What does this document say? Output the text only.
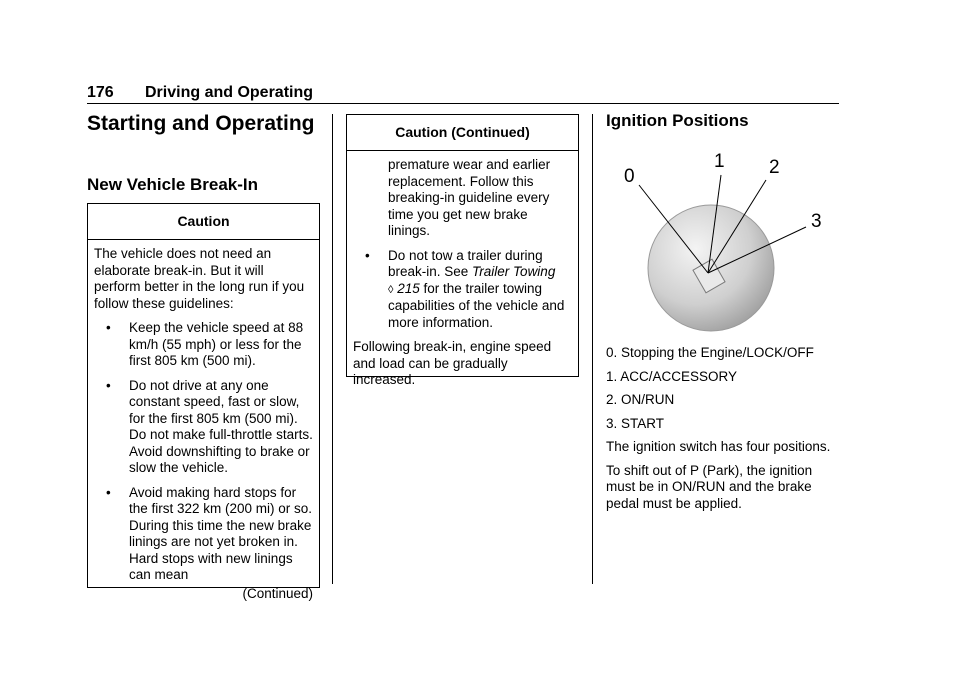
176 Driving and Operating
Starting and Operating
New Vehicle Break-In
Caution

The vehicle does not need an elaborate break-in. But it will perform better in the long run if you follow these guidelines:

• Keep the vehicle speed at 88 km/h (55 mph) or less for the first 805 km (500 mi).
• Do not drive at any one constant speed, fast or slow, for the first 805 km (500 mi). Do not make full-throttle starts. Avoid downshifting to brake or slow the vehicle.
• Avoid making hard stops for the first 322 km (200 mi) or so. During this time the new brake linings are not yet broken in. Hard stops with new linings can mean

(Continued)

Caution (Continued)

premature wear and earlier replacement. Follow this breaking-in guideline every time you get new brake linings.

• Do not tow a trailer during break-in. See Trailer Towing
◊ 215 for the trailer towing capabilities of the vehicle and more information.

Following break-in, engine speed and load can be gradually increased.

Ignition Positions
0
1 2
3

0. Stopping the Engine/LOCK/OFF

1. ACC/ACCESSORY

2. ON/RUN

3. START

The ignition switch has four positions.

To shift out of P (Park), the ignition must be in ON/RUN and the brake pedal must be applied.
